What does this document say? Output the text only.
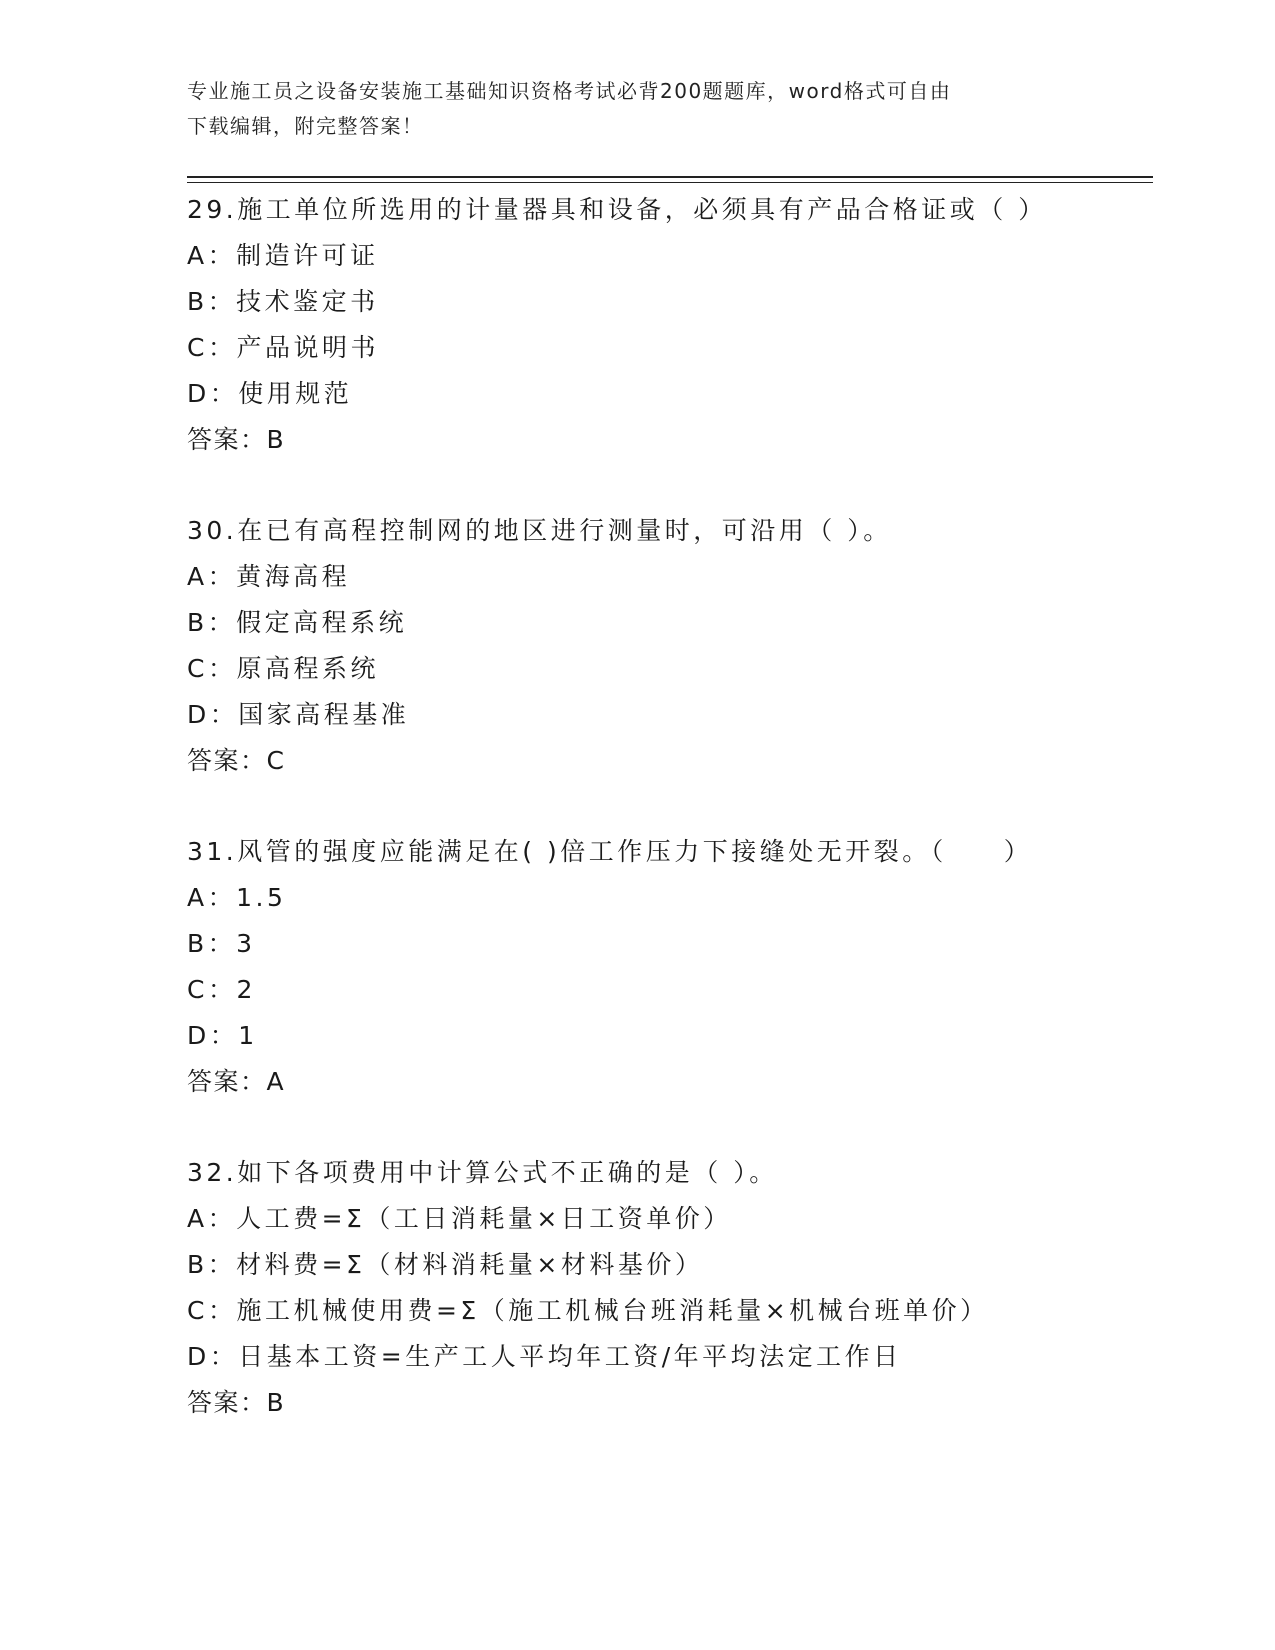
专业施工员之设备安装施工基础知识资格考试必背200题题库，word格式可自由
下载编辑，附完整答案！
29.施工单位所选用的计量器具和设备，必须具有产品合格证或（ ）
A：制造许可证
B：技术鉴定书
C：产品说明书
D：使用规范
答案：B
30.在已有高程控制网的地区进行测量时，可沿用（ ）。
A：黄海高程
B：假定高程系统
C：原高程系统
D：国家高程基准
答案：C
31.风管的强度应能满足在( )倍工作压力下接缝处无开裂。（　　）
A：1.5
B：3
C：2
D：1
答案：A
32.如下各项费用中计算公式不正确的是（ ）。
A：人工费=Σ（工日消耗量×日工资单价）
B：材料费=Σ（材料消耗量×材料基价）
C：施工机械使用费=Σ（施工机械台班消耗量×机械台班单价）
D：日基本工资=生产工人平均年工资/年平均法定工作日
答案：B
